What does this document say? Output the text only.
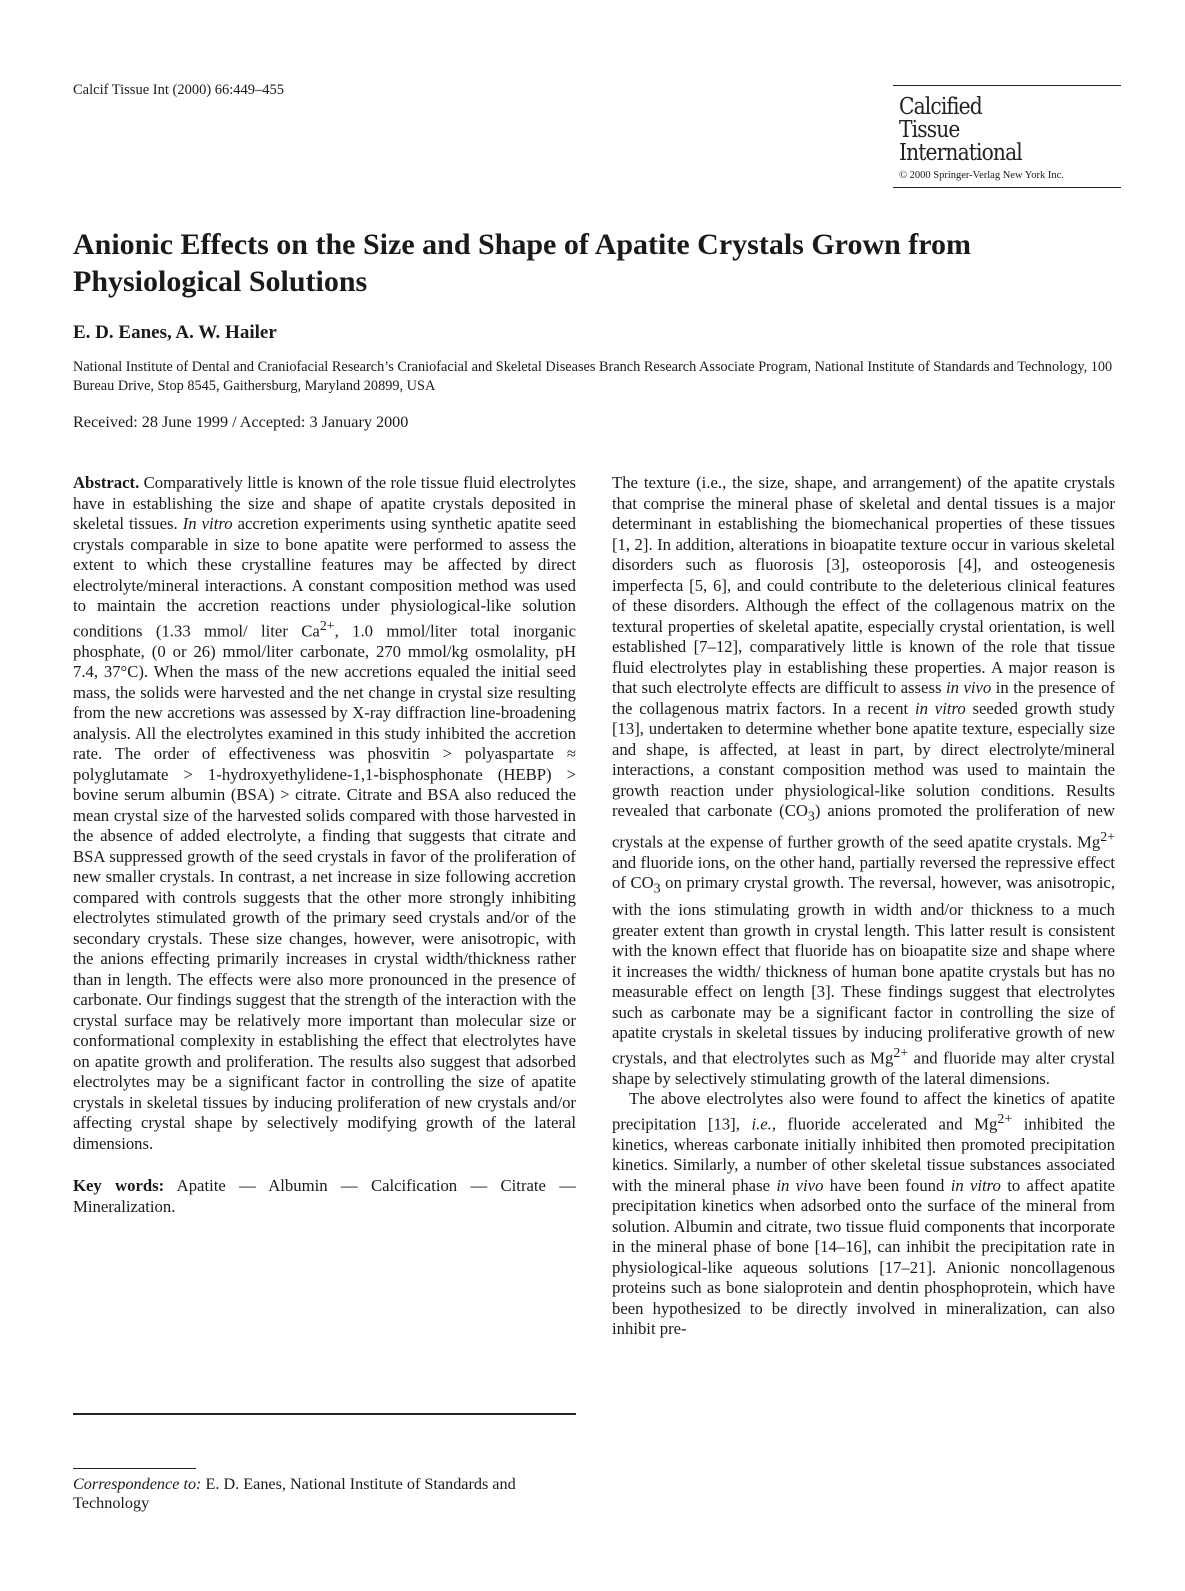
Calcif Tissue Int (2000) 66:449–455
Calcified
Tissue
International
© 2000 Springer-Verlag New York Inc.
Anionic Effects on the Size and Shape of Apatite Crystals Grown from Physiological Solutions
E. D. Eanes, A. W. Hailer
National Institute of Dental and Craniofacial Research’s Craniofacial and Skeletal Diseases Branch Research Associate Program, National Institute of Standards and Technology, 100 Bureau Drive, Stop 8545, Gaithersburg, Maryland 20899, USA
Received: 28 June 1999 / Accepted: 3 January 2000

Abstract. Comparatively little is known of the role tissue fluid electrolytes have in establishing the size and shape of apatite crystals deposited in skeletal tissues. In vitro accretion experiments using synthetic apatite seed crystals comparable in size to bone apatite were performed to assess the extent to which these crystalline features may be affected by direct electrolyte/mineral interactions. A constant composition method was used to maintain the accretion reactions under physiological-like solution conditions (1.33 mmol/ liter $Ca^{2+}$, 1.0 mmol/liter total inorganic phosphate, (0 or 26) mmol/liter carbonate, 270 mmol/kg osmolality, pH 7.4, 37°C). When the mass of the new accretions equaled the initial seed mass, the solids were harvested and the net change in crystal size resulting from the new accretions was assessed by X-ray diffraction line-broadening analysis. All the electrolytes examined in this study inhibited the accretion rate. The order of effectiveness was phosvitin > polyaspartate ≈ polyglutamate > 1-hydroxyethylidene-1,1-bisphosphonate (HEBP) > bovine serum albumin (BSA) > citrate. Citrate and BSA also reduced the mean crystal size of the harvested solids compared with those harvested in the absence of added electrolyte, a finding that suggests that citrate and BSA suppressed growth of the seed crystals in favor of the proliferation of new smaller crystals. In contrast, a net increase in size following accretion compared with controls suggests that the other more strongly inhibiting electrolytes stimulated growth of the primary seed crystals and/or of the secondary crystals. These size changes, however, were anisotropic, with the anions effecting primarily increases in crystal width/thickness rather than in length. The effects were also more pronounced in the presence of carbonate. Our findings suggest that the strength of the interaction with the crystal surface may be relatively more important than molecular size or conformational complexity in establishing the effect that electrolytes have on apatite growth and proliferation. The results also suggest that adsorbed electrolytes may be a significant factor in controlling the size of apatite crystals in skeletal tissues by inducing proliferation of new crystals and/or affecting crystal shape by selectively modifying growth of the lateral dimensions.

Key words: Apatite — Albumin — Calcification — Citrate — Mineralization.

Correspondence to: E. D. Eanes, National Institute of Standards and Technology

The texture (i.e., the size, shape, and arrangement) of the apatite crystals that comprise the mineral phase of skeletal and dental tissues is a major determinant in establishing the biomechanical properties of these tissues [1, 2]. In addition, alterations in bioapatite texture occur in various skeletal disorders such as fluorosis [3], osteoporosis [4], and osteogenesis imperfecta [5, 6], and could contribute to the deleterious clinical features of these disorders. Although the effect of the collagenous matrix on the textural properties of skeletal apatite, especially crystal orientation, is well established [7–12], comparatively little is known of the role that tissue fluid electrolytes play in establishing these properties. A major reason is that such electrolyte effects are difficult to assess in vivo in the presence of the collagenous matrix factors. In a recent in vitro seeded growth study [13], undertaken to determine whether bone apatite texture, especially size and shape, is affected, at least in part, by direct electrolyte/mineral interactions, a constant composition method was used to maintain the growth reaction under physiological-like solution conditions. Results revealed that carbonate $(CO_3)$ anions promoted the proliferation of new crystals at the expense of further growth of the seed apatite crystals. $Mg^{2+}$ and fluoride ions, on the other hand, partially reversed the repressive effect of $CO_3$ on primary crystal growth. The reversal, however, was anisotropic, with the ions stimulating growth in width and/or thickness to a much greater extent than growth in crystal length. This latter result is consistent with the known effect that fluoride has on bioapatite size and shape where it increases the width/ thickness of human bone apatite crystals but has no measurable effect on length [3]. These findings suggest that electrolytes such as carbonate may be a significant factor in controlling the size of apatite crystals in skeletal tissues by inducing proliferative growth of new crystals, and that electrolytes such as $Mg^{2+}$ and fluoride may alter crystal shape by selectively stimulating growth of the lateral dimensions.

The above electrolytes also were found to affect the kinetics of apatite precipitation [13], i.e., fluoride accelerated and $Mg^{2+}$ inhibited the kinetics, whereas carbonate initially inhibited then promoted precipitation kinetics. Similarly, a number of other skeletal tissue substances associated with the mineral phase in vivo have been found in vitro to affect apatite precipitation kinetics when adsorbed onto the surface of the mineral from solution. Albumin and citrate, two tissue fluid components that incorporate in the mineral phase of bone [14–16], can inhibit the precipitation rate in physiological-like aqueous solutions [17–21]. Anionic noncollagenous proteins such as bone sialoprotein and dentin phosphoprotein, which have been hypothesized to be directly involved in mineralization, can also inhibit pre-
